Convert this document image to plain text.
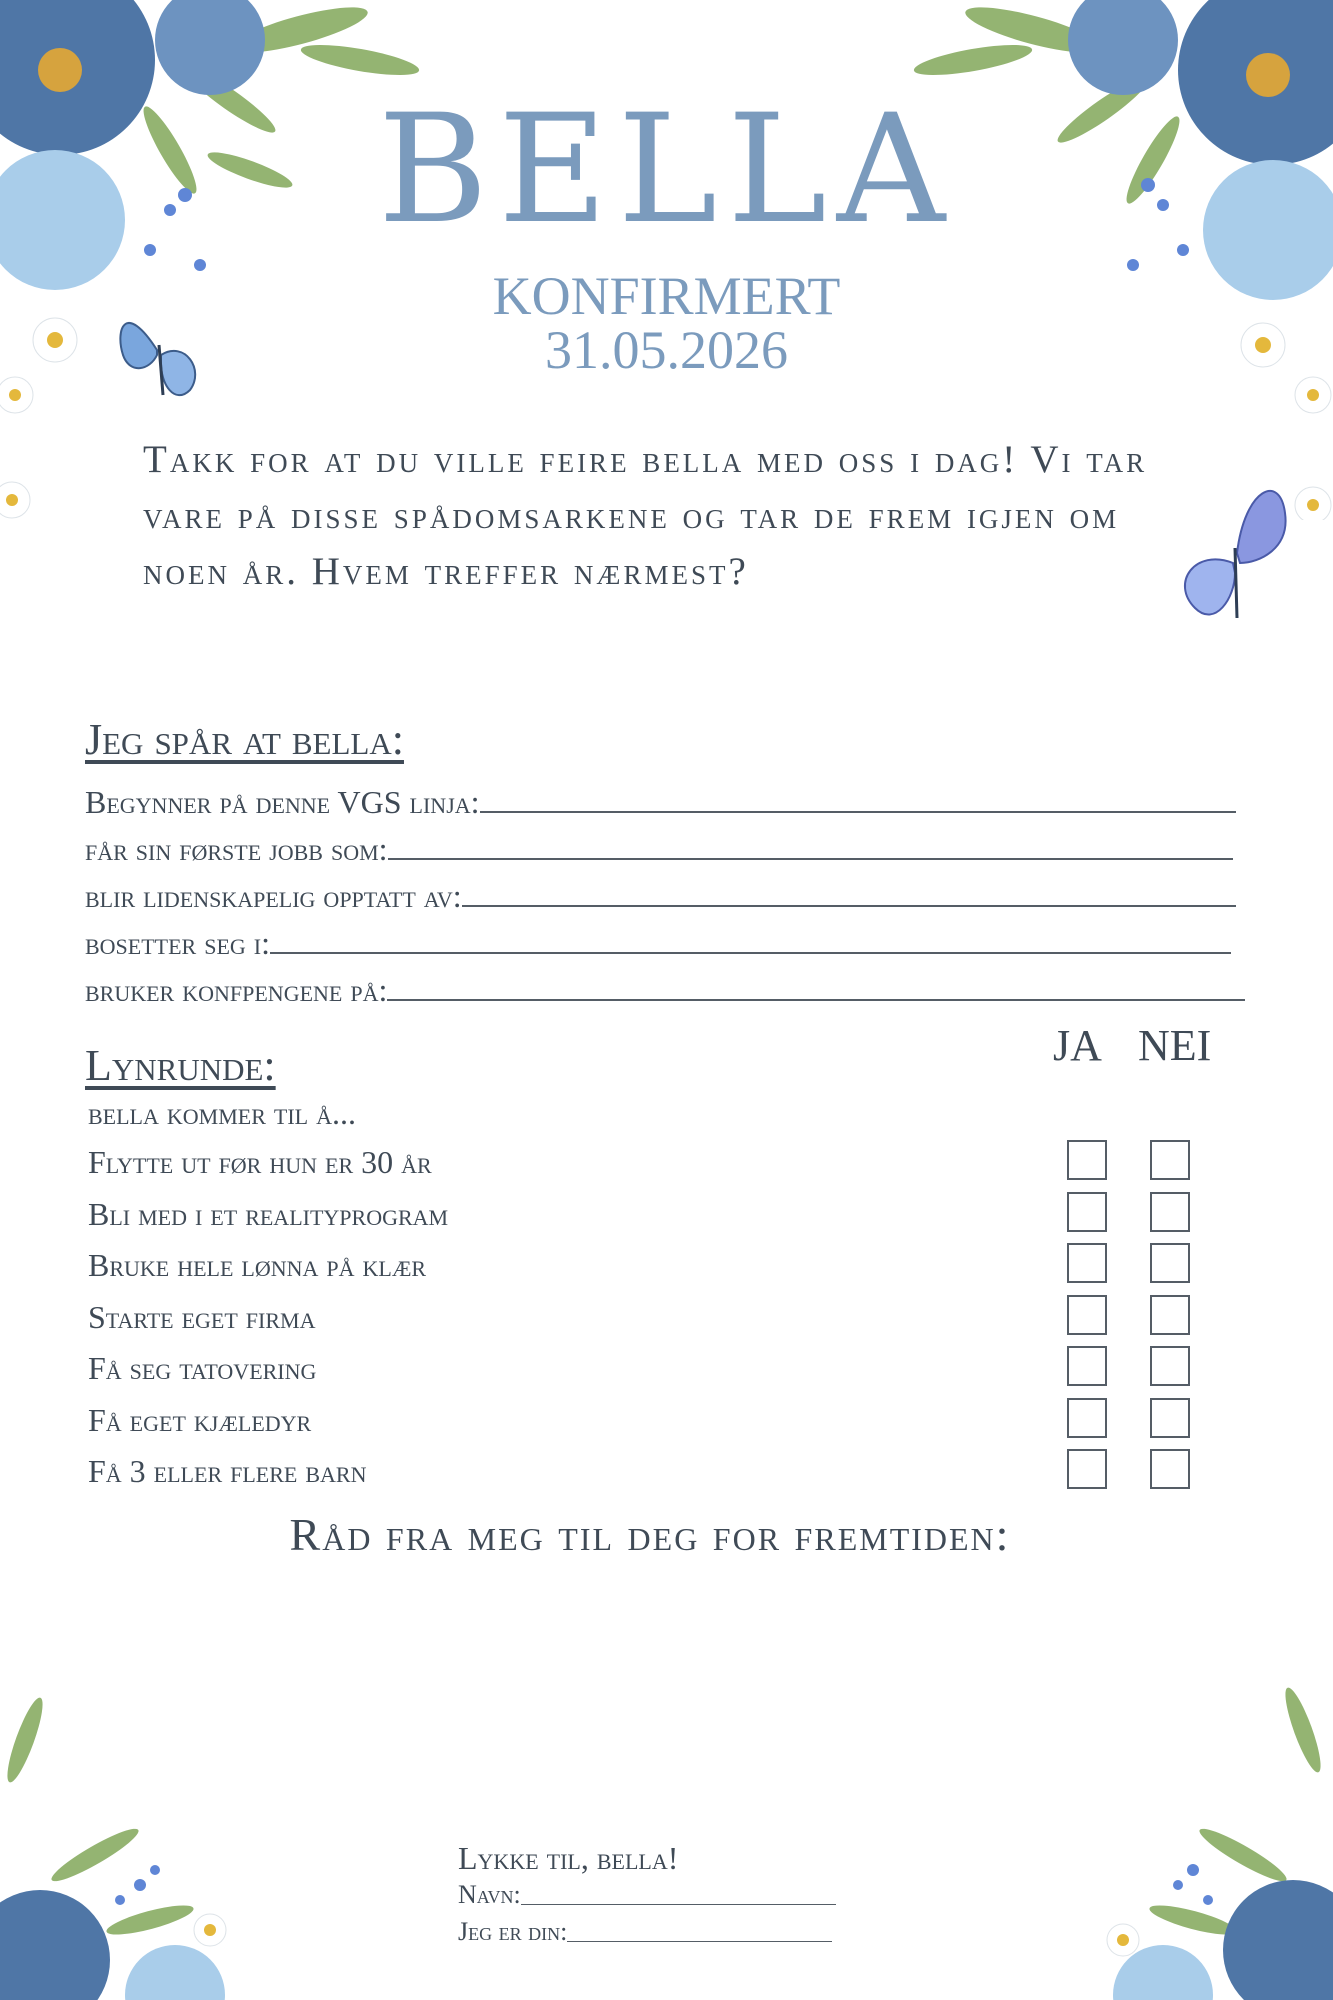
BELLA
KONFIRMERT
31.05.2026
Takk for at du ville feire bella med oss i dag! Vi tar vare på disse spådomsarkene og tar de frem igjen om noen år. Hvem treffer nærmest?
Jeg spår at bella:
Begynner på denne VGS linja:
får sin første jobb som:
blir lidenskapelig opptatt av:
bosetter seg i:
bruker konfpengene på:
Lynrunde:	JA NEI
bella kommer til å...
Flytte ut før hun er 30 år
Bli med i et realityprogram
Bruke hele lønna på klær
Starte eget firma
Få seg tatovering
Få eget kjæledyr
Få 3 eller flere barn
Råd fra meg til deg for fremtiden:
Lykke til, bella!
Navn:
Jeg er din:
